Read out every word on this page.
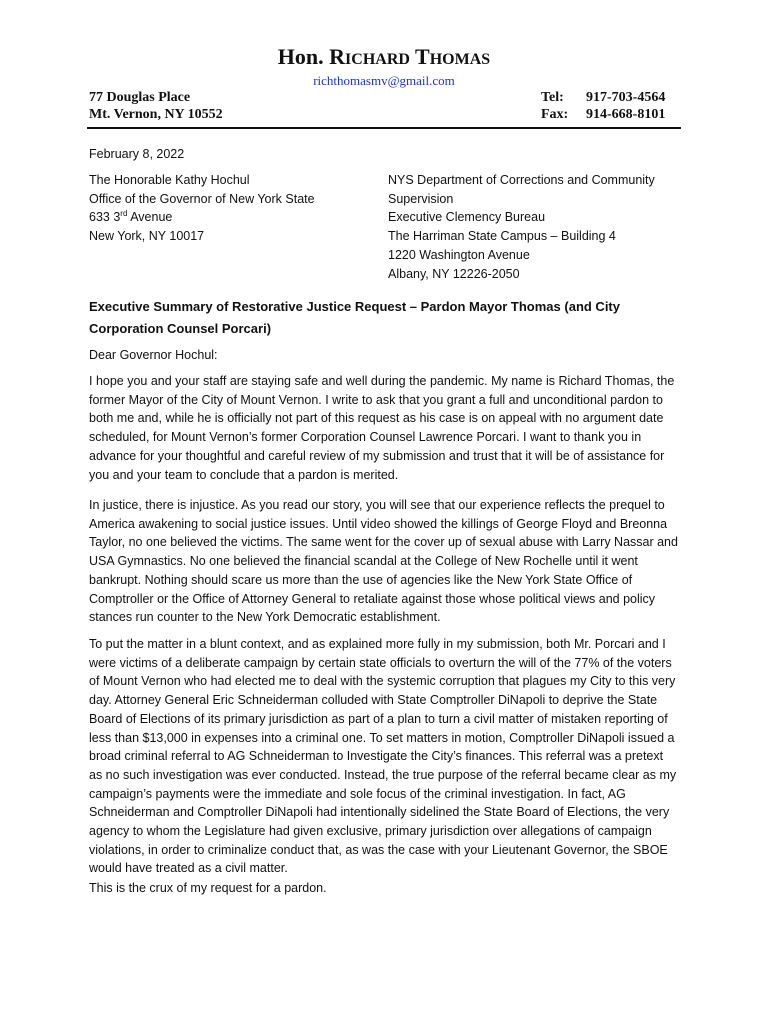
Hon. RICHARD THOMAS
richthomasmv@gmail.com
77 Douglas Place
Mt. Vernon, NY 10552
Tel: 917-703-4564
Fax: 914-668-8101
February 8, 2022
The Honorable Kathy Hochul
Office of the Governor of New York State
633 3rd Avenue
New York, NY 10017
NYS Department of Corrections and Community
Supervision
Executive Clemency Bureau
The Harriman State Campus – Building 4
1220 Washington Avenue
Albany, NY 12226-2050
Executive Summary of Restorative Justice Request – Pardon Mayor Thomas (and City Corporation Counsel Porcari)
Dear Governor Hochul:

I hope you and your staff are staying safe and well during the pandemic. My name is Richard Thomas, the former Mayor of the City of Mount Vernon. I write to ask that you grant a full and unconditional pardon to both me and, while he is officially not part of this request as his case is on appeal with no argument date scheduled, for Mount Vernon’s former Corporation Counsel Lawrence Porcari. I want to thank you in advance for your thoughtful and careful review of my submission and trust that it will be of assistance for you and your team to conclude that a pardon is merited.

In justice, there is injustice. As you read our story, you will see that our experience reflects the prequel to America awakening to social justice issues. Until video showed the killings of George Floyd and Breonna Taylor, no one believed the victims. The same went for the cover up of sexual abuse with Larry Nassar and USA Gymnastics. No one believed the financial scandal at the College of New Rochelle until it went bankrupt. Nothing should scare us more than the use of agencies like the New York State Office of Comptroller or the Office of Attorney General to retaliate against those whose political views and policy stances run counter to the New York Democratic establishment.

To put the matter in a blunt context, and as explained more fully in my submission, both Mr. Porcari and I were victims of a deliberate campaign by certain state officials to overturn the will of the 77% of the voters of Mount Vernon who had elected me to deal with the systemic corruption that plagues my City to this very day. Attorney General Eric Schneiderman colluded with State Comptroller DiNapoli to deprive the State Board of Elections of its primary jurisdiction as part of a plan to turn a civil matter of mistaken reporting of less than $13,000 in expenses into a criminal one. To set matters in motion, Comptroller DiNapoli issued a broad criminal referral to AG Schneiderman to Investigate the City’s finances. This referral was a pretext as no such investigation was ever conducted. Instead, the true purpose of the referral became clear as my campaign’s payments were the immediate and sole focus of the criminal investigation. In fact, AG Schneiderman and Comptroller DiNapoli had intentionally sidelined the State Board of Elections, the very agency to whom the Legislature had given exclusive, primary jurisdiction over allegations of campaign violations, in order to criminalize conduct that, as was the case with your Lieutenant Governor, the SBOE would have treated as a civil matter.

This is the crux of my request for a pardon.
